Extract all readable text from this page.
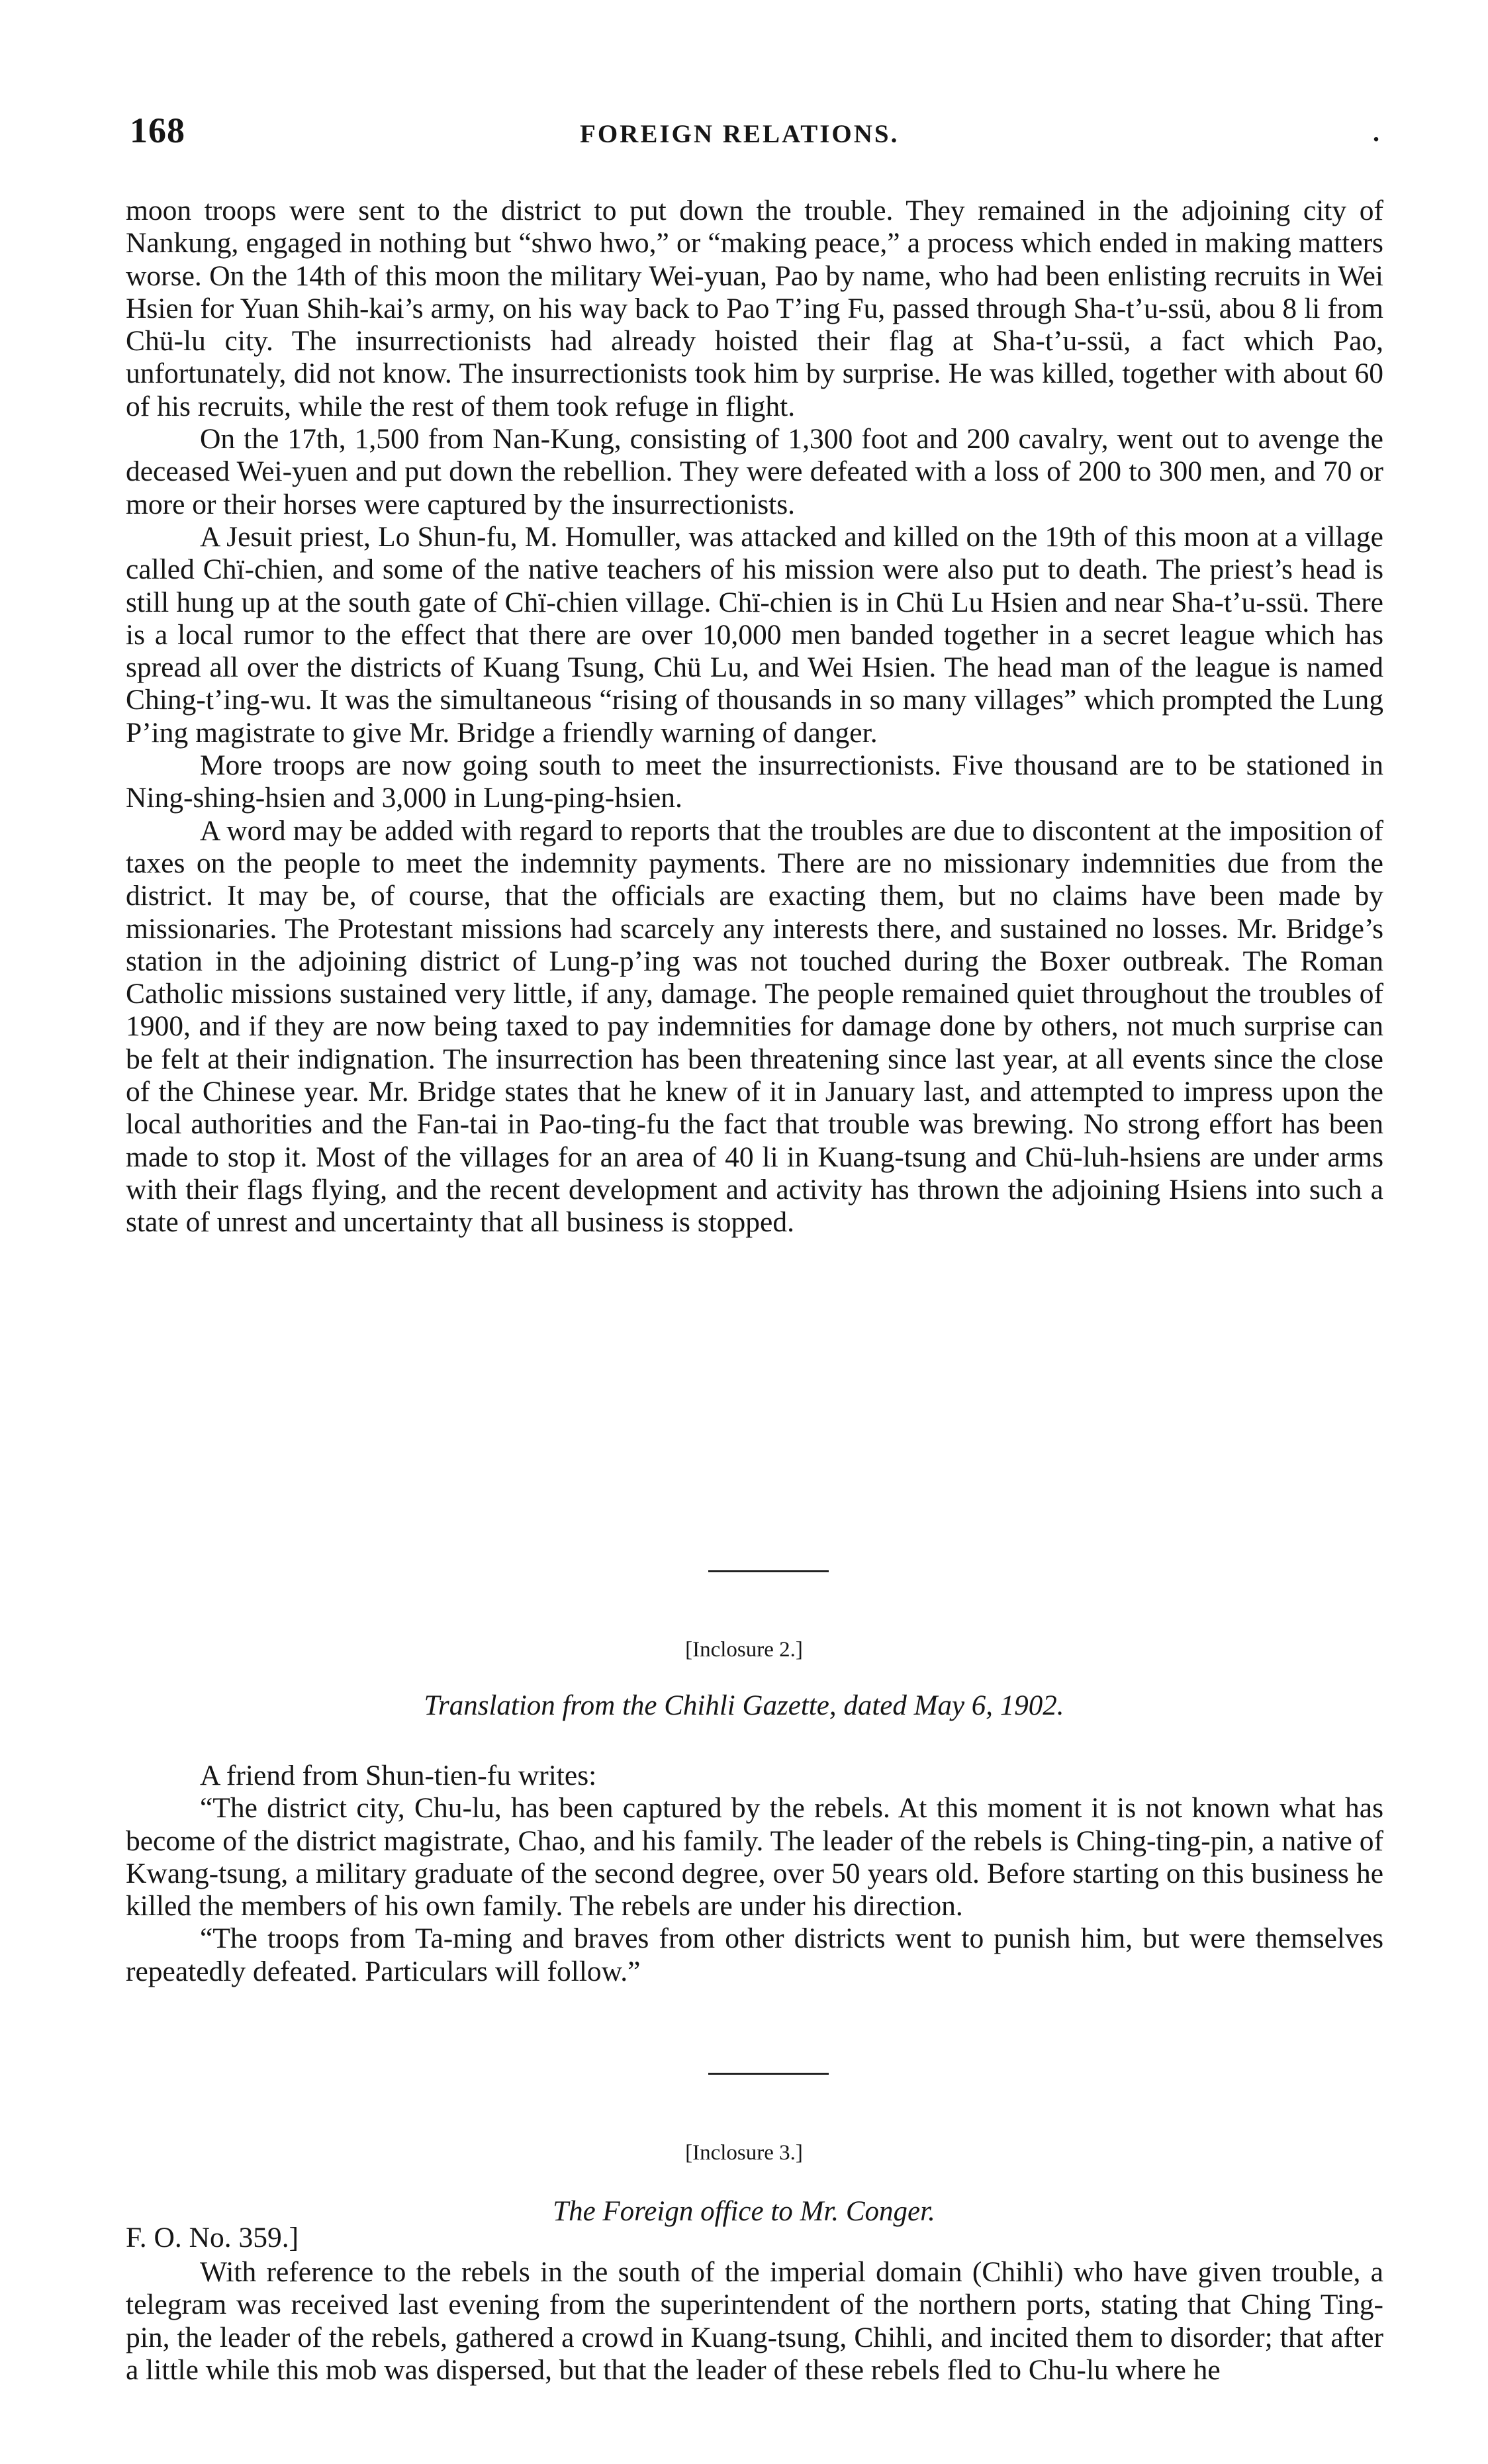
168	FOREIGN RELATIONS.	.

moon troops were sent to the district to put down the trouble. They remained in the adjoining city of Nankung, engaged in nothing but “shwo hwo,” or “making peace,” a process which ended in making matters worse. On the 14th of this moon the military Wei-yuan, Pao by name, who had been enlisting recruits in Wei Hsien for Yuan Shih-kai’s army, on his way back to Pao T’ing Fu, passed through Sha-t’u-ssü, abou 8 li from Chü-lu city. The insurrectionists had already hoisted their flag at Sha-t’u-ssü, a fact which Pao, unfortunately, did not know. The insurrectionists took him by surprise. He was killed, together with about 60 of his recruits, while the rest of them took refuge in flight.

On the 17th, 1,500 from Nan-Kung, consisting of 1,300 foot and 200 cavalry, went out to avenge the deceased Wei-yuen and put down the rebellion. They were defeated with a loss of 200 to 300 men, and 70 or more or their horses were captured by the insurrectionists.

A Jesuit priest, Lo Shun-fu, M. Homuller, was attacked and killed on the 19th of this moon at a village called Chï-chien, and some of the native teachers of his mission were also put to death. The priest’s head is still hung up at the south gate of Chï-chien village. Chï-chien is in Chü Lu Hsien and near Sha-t’u-ssü. There is a local rumor to the effect that there are over 10,000 men banded together in a secret league which has spread all over the districts of Kuang Tsung, Chü Lu, and Wei Hsien. The head man of the league is named Ching-t’ing-wu. It was the simultaneous “rising of thousands in so many villages” which prompted the Lung P’ing magistrate to give Mr. Bridge a friendly warning of danger.

More troops are now going south to meet the insurrectionists. Five thousand are to be stationed in Ning-shing-hsien and 3,000 in Lung-ping-hsien.

A word may be added with regard to reports that the troubles are due to discontent at the imposition of taxes on the people to meet the indemnity payments. There are no missionary indemnities due from the district. It may be, of course, that the officials are exacting them, but no claims have been made by missionaries. The Protestant missions had scarcely any interests there, and sustained no losses. Mr. Bridge’s station in the adjoining district of Lung-p’ing was not touched during the Boxer outbreak. The Roman Catholic missions sustained very little, if any, damage. The people remained quiet throughout the troubles of 1900, and if they are now being taxed to pay indemnities for damage done by others, not much surprise can be felt at their indignation. The insurrection has been threatening since last year, at all events since the close of the Chinese year. Mr. Bridge states that he knew of it in January last, and attempted to impress upon the local authorities and the Fan-tai in Pao-ting-fu the fact that trouble was brewing. No strong effort has been made to stop it. Most of the villages for an area of 40 li in Kuang-tsung and Chü-luh-hsiens are under arms with their flags flying, and the recent development and activity has thrown the adjoining Hsiens into such a state of unrest and uncertainty that all business is stopped.

[Inclosure 2.]
Translation from the Chihli Gazette, dated May 6, 1902.

A friend from Shun-tien-fu writes:

“The district city, Chu-lu, has been captured by the rebels. At this moment it is not known what has become of the district magistrate, Chao, and his family. The leader of the rebels is Ching-ting-pin, a native of Kwang-tsung, a military graduate of the second degree, over 50 years old. Before starting on this business he killed the members of his own family. The rebels are under his direction.

“The troops from Ta-ming and braves from other districts went to punish him, but were themselves repeatedly defeated. Particulars will follow.”

[Inclosure 3.]
The Foreign office to Mr. Conger.
F. O. No. 359.]

With reference to the rebels in the south of the imperial domain (Chihli) who have given trouble, a telegram was received last evening from the superintendent of the northern ports, stating that Ching Ting-pin, the leader of the rebels, gathered a crowd in Kuang-tsung, Chihli, and incited them to disorder; that after a little while this mob was dispersed, but that the leader of these rebels fled to Chu-lu where he
